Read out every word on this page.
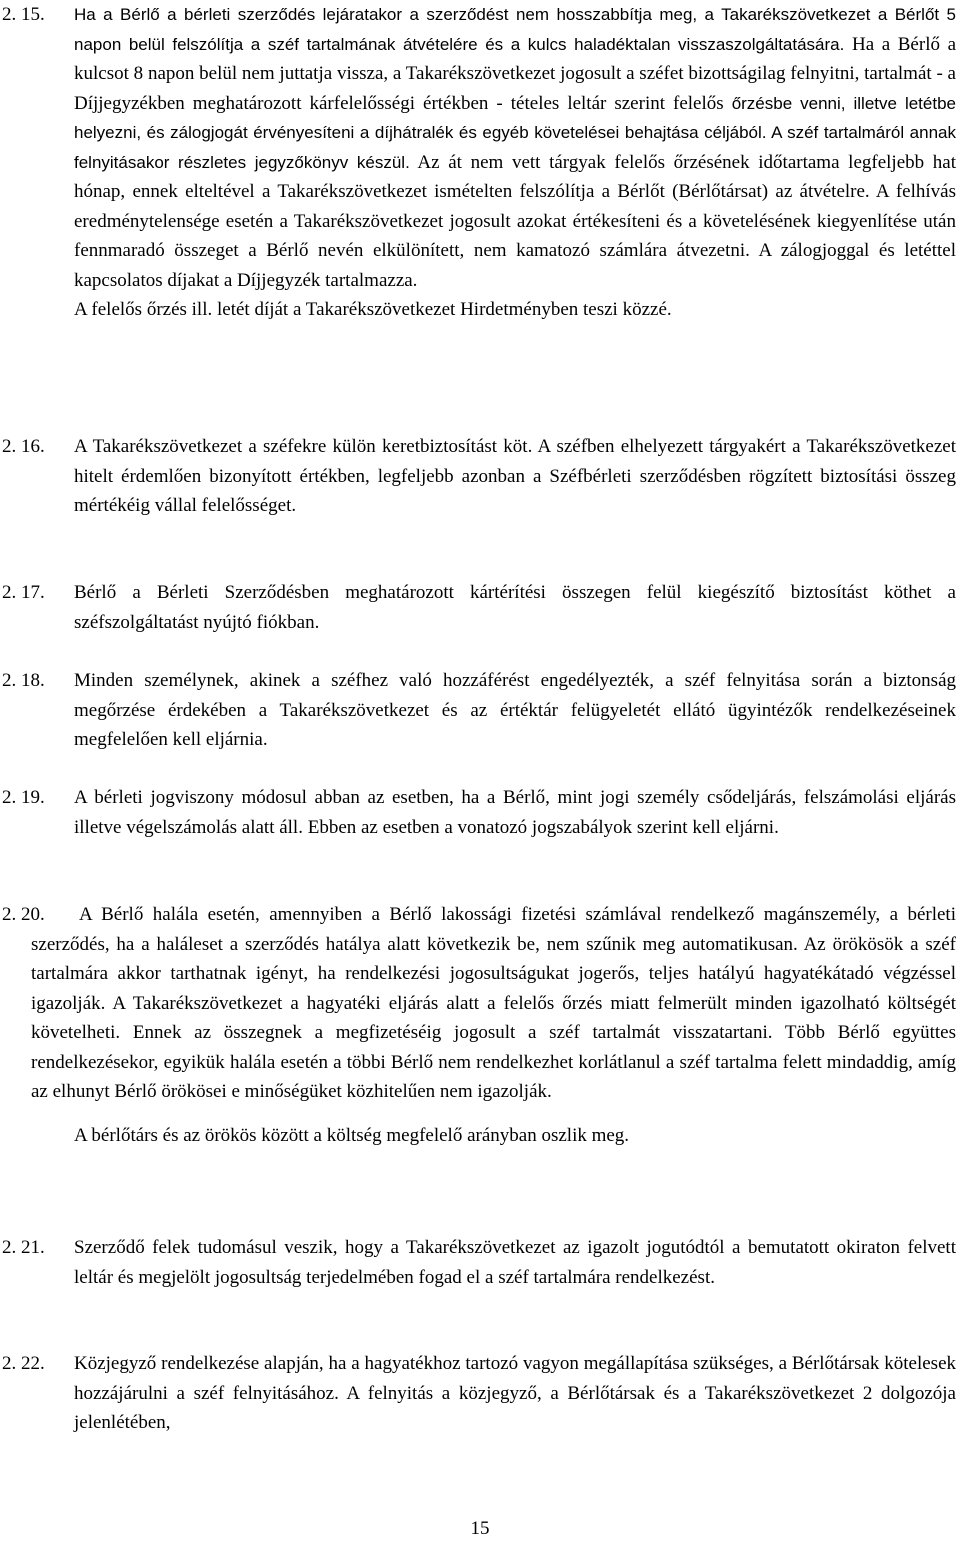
2. 15. Ha a Bérlő a bérleti szerződés lejáratakor a szerződést nem hosszabbítja meg, a Takarékszövetkezet a Bérlőt 5 napon belül felszólítja a széf tartalmának átvételére és a kulcs haladéktalan visszaszolgáltatására. Ha a Bérlő a kulcsot 8 napon belül nem juttatja vissza, a Takarékszövetkezet jogosult a széfet bizottságilag felnyitni, tartalmát - a Díjjegyzékben meghatározott kárfelelősségi értékben - tételes leltár szerint felelős őrzésbe venni, illetve letétbe helyezni, és zálogjogát érvényesíteni a díjhátralék és egyéb követelései behajtása céljából. A széf tartalmáról annak felnyitásakor részletes jegyzőkönyv készül. Az át nem vett tárgyak felelős őrzésének időtartama legfeljebb hat hónap, ennek elteltével a Takarékszövetkezet ismételten felszólítja a Bérlőt (Bérlőtársat) az átvételre. A felhívás eredménytelensége esetén a Takarékszövetkezet jogosult azokat értékesíteni és a követelésének kiegyenlítése után fennmaradó összeget a Bérlő nevén elkülönített, nem kamatozó számlára átvezetni. A zálogjoggal és letéttel kapcsolatos díjakat a Díjjegyzék tartalmazza.
A felelős őrzés ill. letét díját a Takarékszövetkezet Hirdetményben teszi közzé.
2. 16. A Takarékszövetkezet a széfekre külön keretbiztosítást köt. A széfben elhelyezett tárgyakért a Takarékszövetkezet hitelt érdemlően bizonyított értékben, legfeljebb azonban a Széfbérleti szerződésben rögzített biztosítási összeg mértékéig vállal felelősséget.
2. 17. Bérlő a Bérleti Szerződésben meghatározott kártérítési összegen felül kiegészítő biztosítást köthet a széfszolgáltatást nyújtó fiókban.
2. 18. Minden személynek, akinek a széfhez való hozzáférést engedélyezték, a széf felnyitása során a biztonság megőrzése érdekében a Takarékszövetkezet és az értéktár felügyeletét ellátó ügyintézők rendelkezéseinek megfelelően kell eljárnia.
2. 19. A bérleti jogviszony módosul abban az esetben, ha a Bérlő, mint jogi személy csődeljárás, felszámolási eljárás illetve végelszámolás alatt áll. Ebben az esetben a vonatozó jogszabályok szerint kell eljárni.
2. 20.	A Bérlő halála esetén, amennyiben a Bérlő lakossági fizetési számlával rendelkező magánszemély, a bérleti szerződés, ha a haláleset a szerződés hatálya alatt következik be, nem szűnik meg automatikusan. Az örökösök a széf tartalmára akkor tarthatnak igényt, ha rendelkezési jogosultságukat jogerős, teljes hatályú hagyatékátadó végzéssel igazolják. A Takarékszövetkezet a hagyatéki eljárás alatt a felelős őrzés miatt felmerült minden igazolható költségét követelheti. Ennek az összegnek a megfizetéséig jogosult a széf tartalmát visszatartani. Több Bérlő együttes rendelkezésekor, egyikük halála esetén a többi Bérlő nem rendelkezhet korlátlanul a széf tartalma felett mindaddig, amíg az elhunyt Bérlő örökösei e minőségüket közhitelűen nem igazolják.
A bérlőtárs és az örökös között a költség megfelelő arányban oszlik meg.
2. 21. Szerződő felek tudomásul veszik, hogy a Takarékszövetkezet az igazolt jogutódtól a bemutatott okiraton felvett leltár és megjelölt jogosultság terjedelmében fogad el a széf tartalmára rendelkezést.
2. 22. Közjegyző rendelkezése alapján, ha a hagyatékhoz tartozó vagyon megállapítása szükséges, a Bérlőtársak kötelesek hozzájárulni a széf felnyitásához. A felnyitás a közjegyző, a Bérlőtársak és a Takarékszövetkezet 2 dolgozója jelenlétében,
15
